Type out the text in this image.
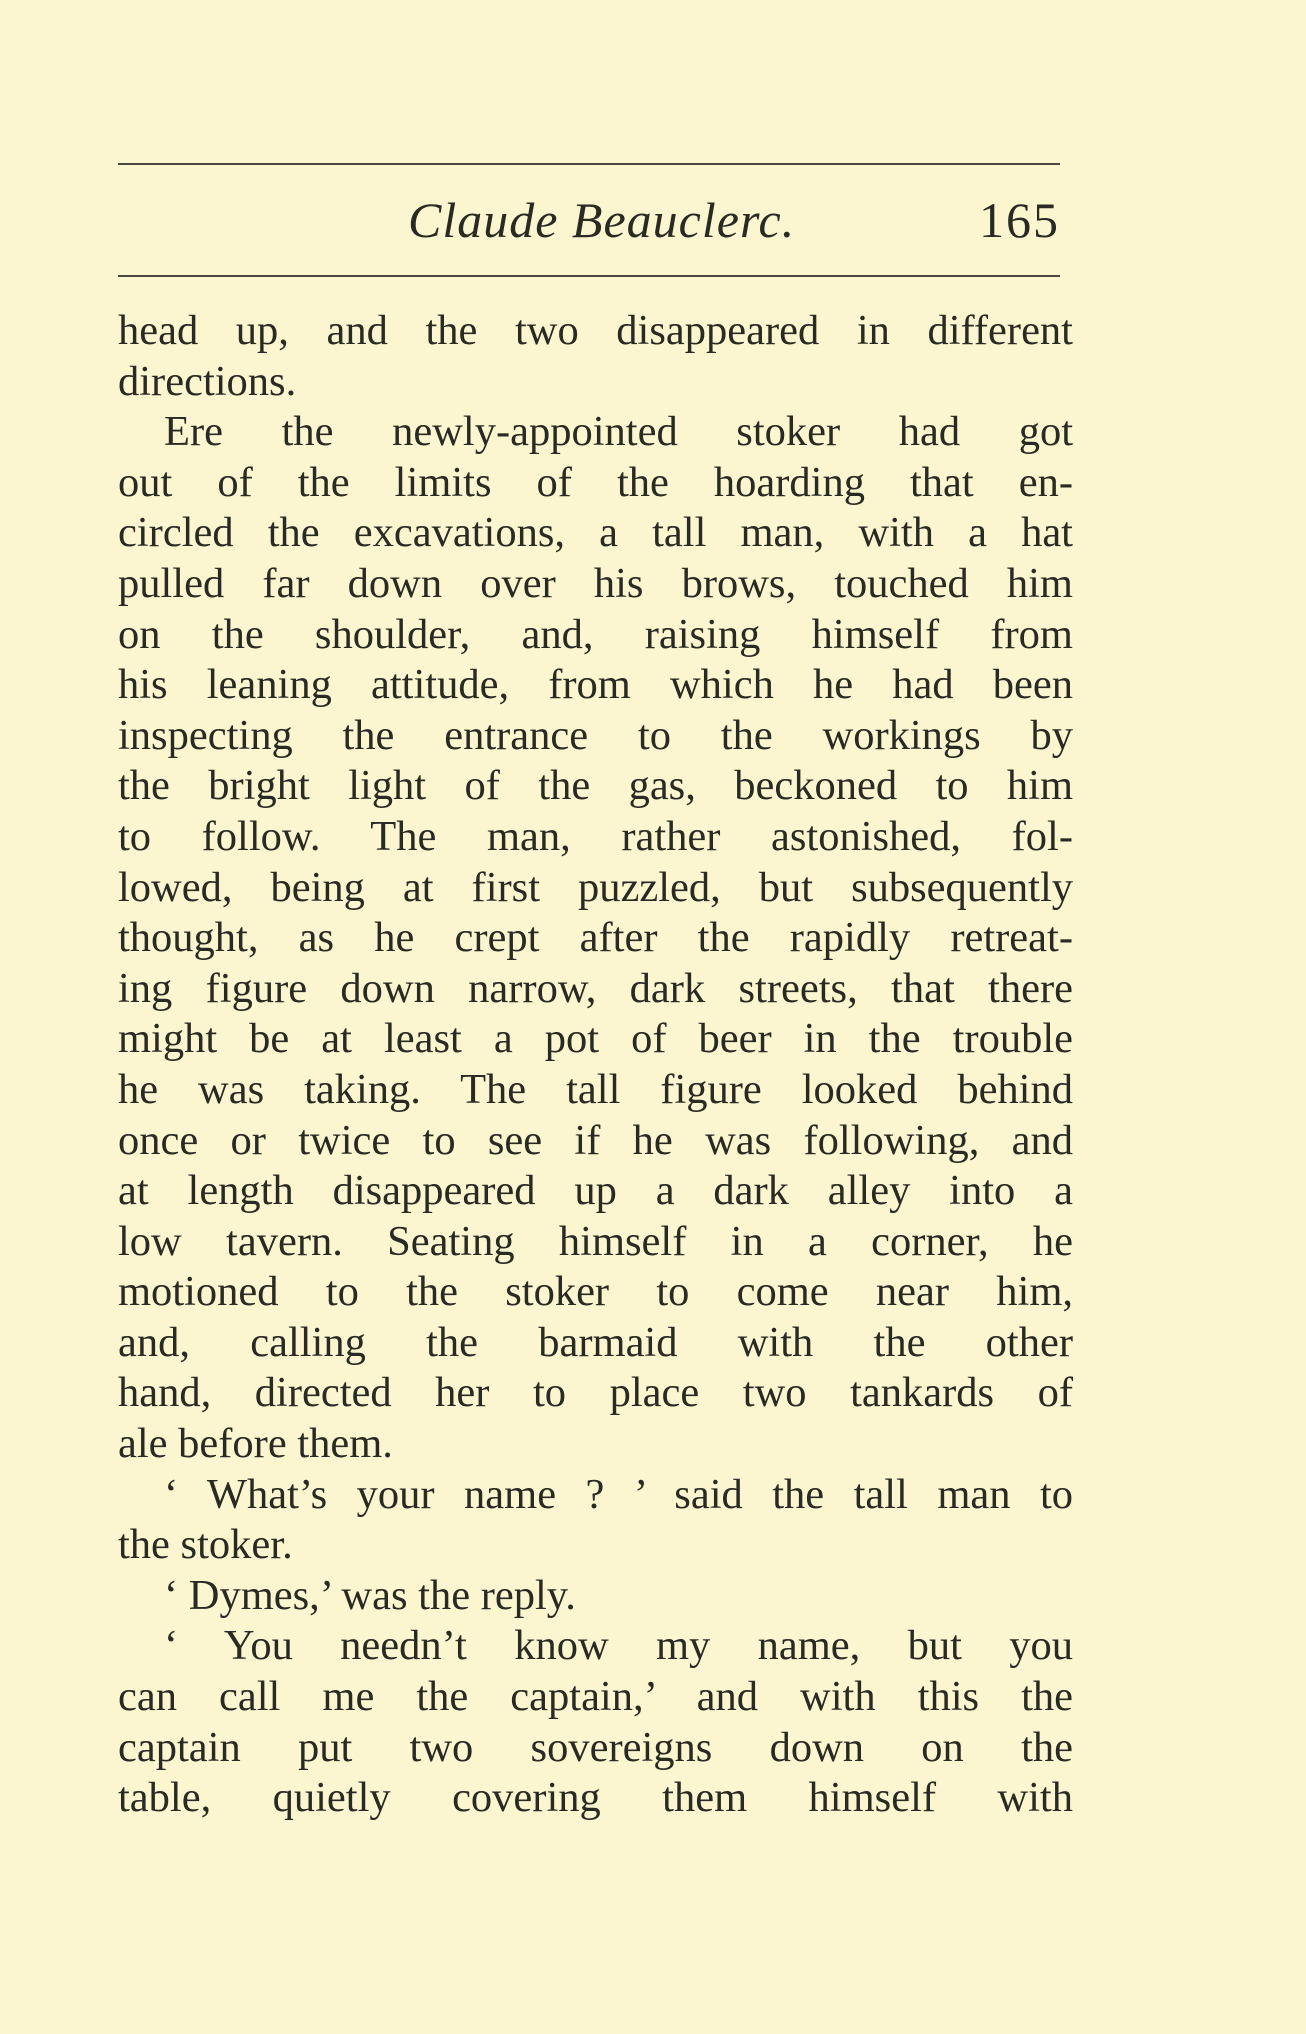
Claude Beauclerc.	165
head up, and the two disappeared in different
directions.
Ere the newly-appointed stoker had got
out of the limits of the hoarding that en-
circled the excavations, a tall man, with a hat
pulled far down over his brows, touched him
on the shoulder, and, raising himself from
his leaning attitude, from which he had been
inspecting the entrance to the workings by
the bright light of the gas, beckoned to him
to follow. The man, rather astonished, fol-
lowed, being at first puzzled, but subsequently
thought, as he crept after the rapidly retreat-
ing figure down narrow, dark streets, that there
might be at least a pot of beer in the trouble
he was taking. The tall figure looked behind
once or twice to see if he was following, and
at length disappeared up a dark alley into a
low tavern. Seating himself in a corner, he
motioned to the stoker to come near him,
and, calling the barmaid with the other
hand, directed her to place two tankards of
ale before them.
‘ What’s your name ? ’ said the tall man to
the stoker.
‘ Dymes,’ was the reply.
‘ You needn’t know my name, but you
can call me the captain,’ and with this the
captain put two sovereigns down on the
table, quietly covering them himself with
